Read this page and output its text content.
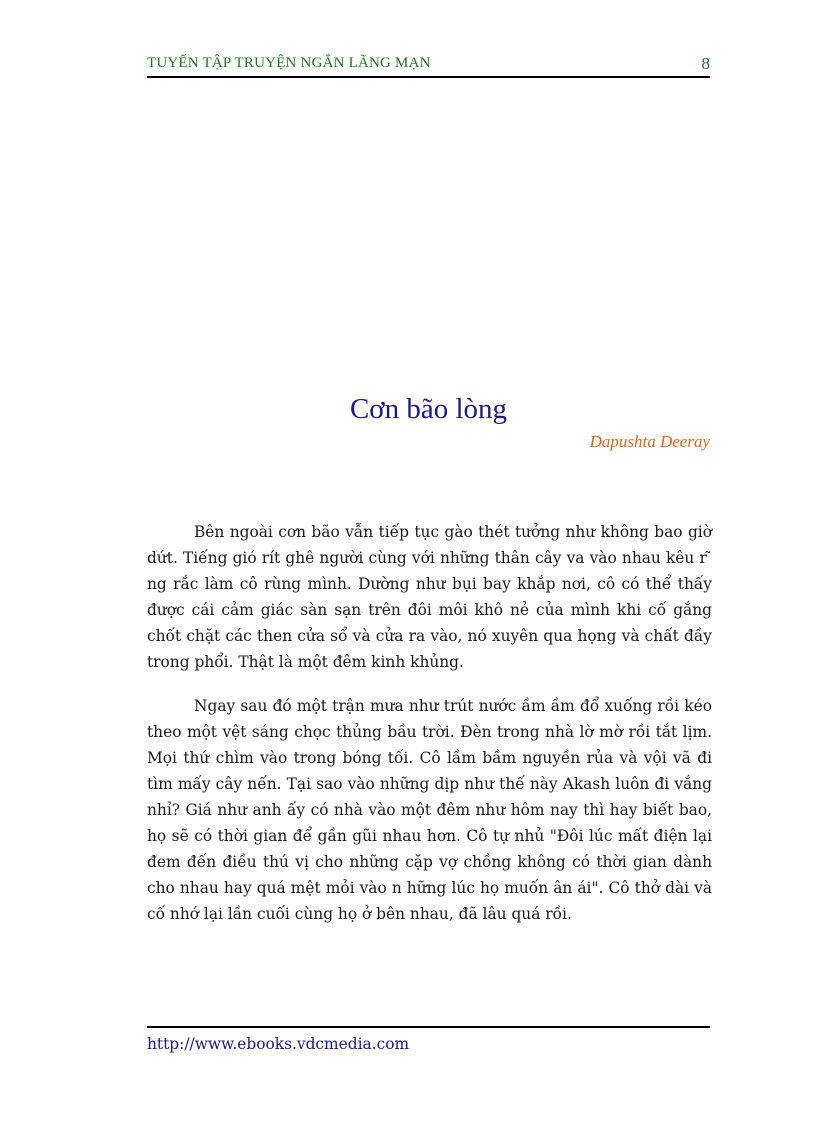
TUYỂN TẬP TRUYỆN NGẮN LÃNG MẠN	8
Cơn bão lòng
Dapushta Deeray

Bên ngoài cơn bão vẫn tiếp tục gào thét tưởng như không bao giờ dứt. Tiếng gió rít ghê người cùng với những thân cây va vào nhau kêu r ̃ ng rắc làm cô rùng mình. Dường như bụi bay khắp nơi, cô có thể thấy được cái cảm giác sàn sạn trên đôi môi khô nẻ của mình khi cố gắng chốt chặt các then cửa sổ và cửa ra vào, nó xuyên qua họng và chất đầy trong phổi. Thật là một đêm kinh khủng.

Ngay sau đó một trận mưa như trút nước ầm ầm đổ xuống rồi kéo theo một vệt sáng chọc thủng bầu trời. Đèn trong nhà lờ mờ rồi tắt lịm. Mọi thứ chìm vào trong bóng tối. Cô lầm bầm nguyền rủa và vội vã đi tìm mấy cây nến. Tại sao vào những dịp như thế này Akash luôn đi vắng nhỉ? Giá như anh ấy có nhà vào một đêm như hôm nay thì hay biết bao, họ sẽ có thời gian để gần gũi nhau hơn. Cô tự nhủ "Đôi lúc mất điện lại đem đến điều thú vị cho những cặp vợ chồng không có thời gian dành cho nhau hay quá mệt mỏi vào n hững lúc họ muốn ân ái". Cô thở dài và cố nhớ lại lần cuối cùng họ ở bên nhau, đã lâu quá rồi.

http://www.ebooks.vdcmedia.com
